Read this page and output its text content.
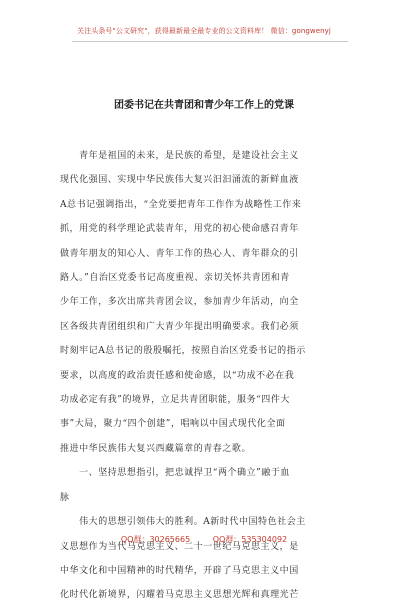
关注头条号"公文研究"，获得最新最全最专业的公文资料库！ 微信：gongwenyj
团委书记在共青团和青少年工作上的党课
　　青年是祖国的未来，是民族的希望，是建设社会主义
现代化强国、实现中华民族伟大复兴汩汩涌流的新鲜血液
A总书记强调指出，“全党要把青年工作作为战略性工作来
抓，用党的科学理论武装青年，用党的初心使命感召青年
做青年朋友的知心人、青年工作的热心人、青年群众的引
路人。”自治区党委书记高度重视、亲切关怀共青团和青
少年工作，多次出席共青团会议，参加青少年活动，向全
区各级共青团组织和广大青少年提出明确要求。我们必须
时刻牢记A总书记的殷殷嘱托，按照自治区党委书记的指示
要求，以高度的政治责任感和使命感，以“功成不必在我
功成必定有我”的境界，立足共青团职能，服务“四件大
事”大局，聚力“四个创建”，唱响以中国式现代化全面
推进中华民族伟大复兴西藏篇章的青春之歌。
　　一、坚持思想指引，把忠诚捍卫“两个确立”融于血
脉
　　伟大的思想引领伟大的胜利。A新时代中国特色社会主
义思想作为当代马克思主义、二十一世纪马克思主义，是
中华文化和中国精神的时代精华，开辟了马克思主义中国
化时代化新境界，闪耀着马克思主义思想光辉和真理光芒
QQ群：30265665	QQ群：535304092
